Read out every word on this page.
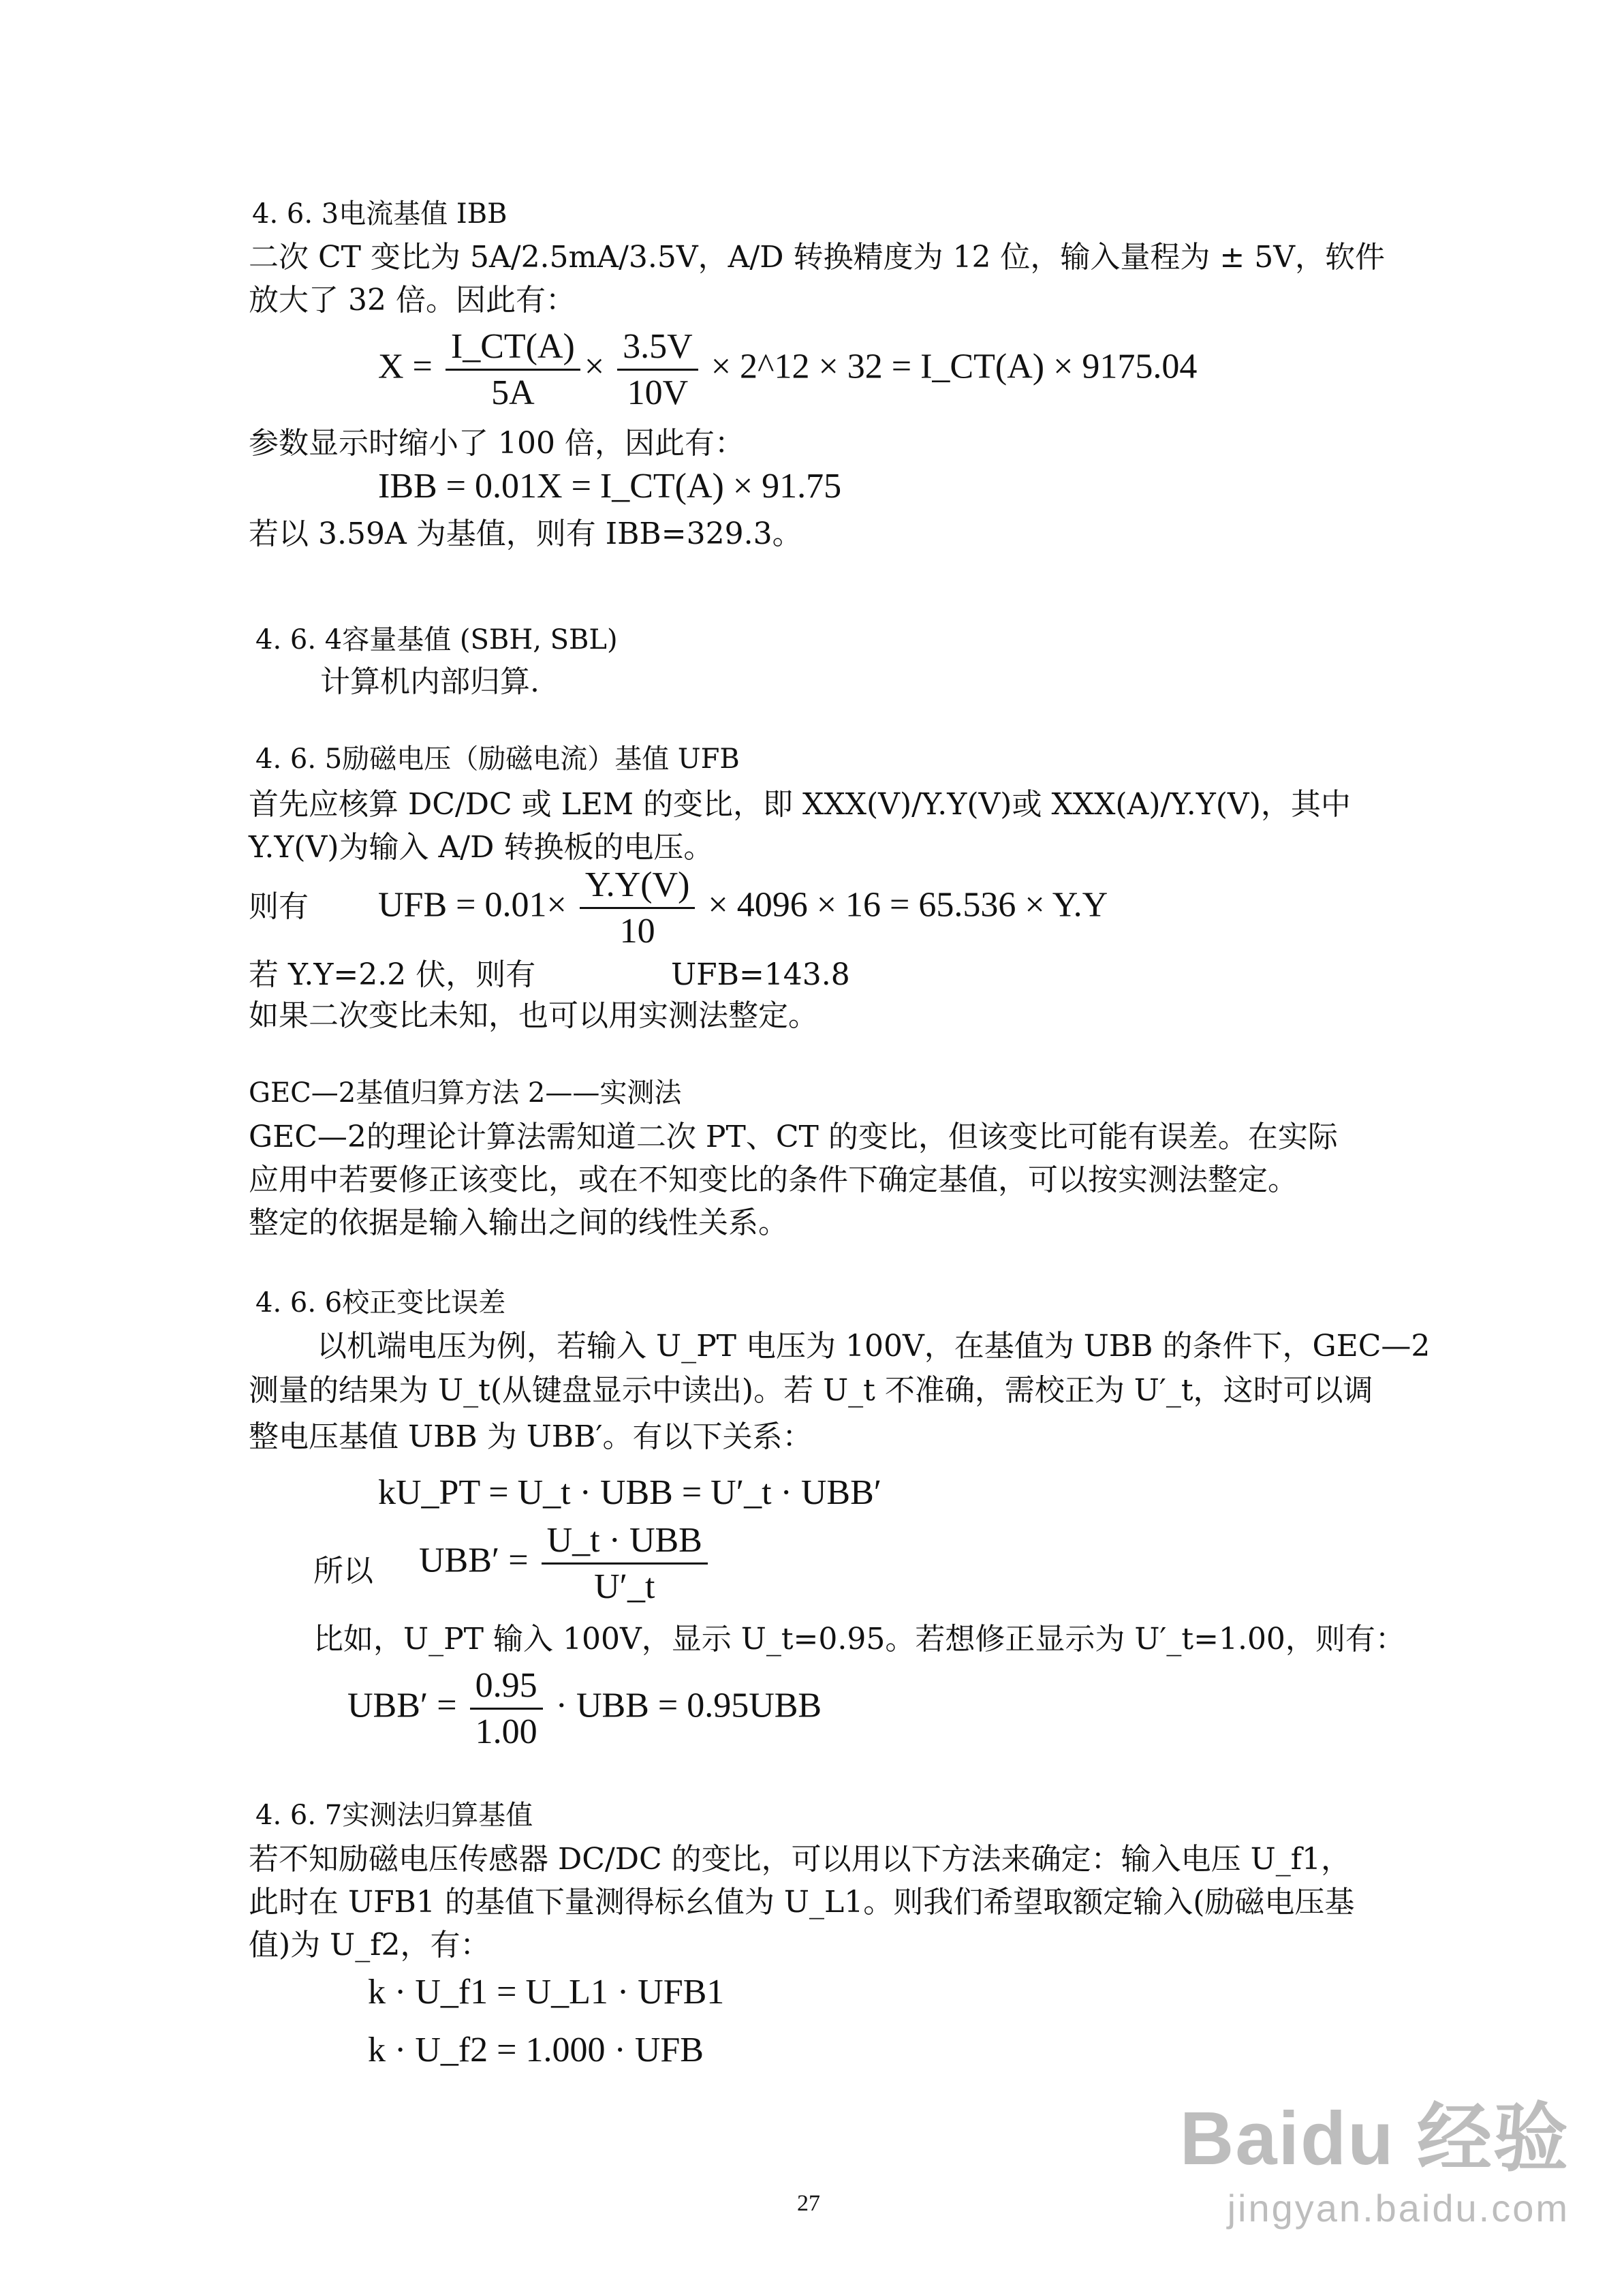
4. 6. 3电流基值 IBB
二次 CT 变比为 5A/2.5mA/3.5V，A/D 转换精度为 12 位，输入量程为 ± 5V，软件
放大了 32 倍。因此有：
$X = \frac{I\_CT(A)}{5A} \times \frac{3.5V}{10V}$ × 2^12 × 32 = I_CT(A) × 9175.04
参数显示时缩小了 100 倍，因此有：
IBB = 0.01X = I_CT(A) × 91.75
若以 3.59A 为基值，则有 IBB=329.3。
4. 6. 4容量基值 (SBH, SBL)
计算机内部归算.
4. 6. 5励磁电压（励磁电流）基值 UFB
首先应核算 DC/DC 或 LEM 的变比，即 XXX(V)/Y.Y(V)或 XXX(A)/Y.Y(V)，其中
Y.Y(V)为输入 A/D 转换板的电压。
则有 UFB = $0.01\times \frac{Y.Y(V)}{10} \times 4096 \times 16 = 65.536 \times Y.Y$
若 Y.Y=2.2 伏，则有	UFB=143.8
如果二次变比未知，也可以用实测法整定。
GEC—2基值归算方法 2——实测法
GEC—2的理论计算法需知道二次 PT、CT 的变比，但该变比可能有误差。在实际
应用中若要修正该变比，或在不知变比的条件下确定基值，可以按实测法整定。
整定的依据是输入输出之间的线性关系。
4. 6. 6校正变比误差
以机端电压为例，若输入 U_PT 电压为 100V，在基值为 UBB 的条件下，GEC—2
测量的结果为 U_t(从键盘显示中读出)。若 U_t 不准确，需校正为 U′_t，这时可以调
整电压基值 UBB 为 UBB′。有以下关系：
kU_PT = U_t · UBB = U′_t · UBB′
所以 $UBB' = \frac{\text{U\_t · UBB}}{U'\_t}$
比如，U_PT 输入 100V，显示 U_t=0.95。若想修正显示为 U′_t=1.00，则有：
$UBB' = \frac{0.95}{1.00}$ · UBB = 0.95UBB
4. 6. 7实测法归算基值
若不知励磁电压传感器 DC/DC 的变比，可以用以下方法来确定：输入电压 U_f1，
此时在 UFB1 的基值下量测得标幺值为 U_L1。则我们希望取额定输入(励磁电压基
值)为 U_f2，有：
k · U_f1 = U_L1 · UFB1
k · U_f2 = 1.000 · UFB
27
Baidu 经验
jingyan.baidu.com
